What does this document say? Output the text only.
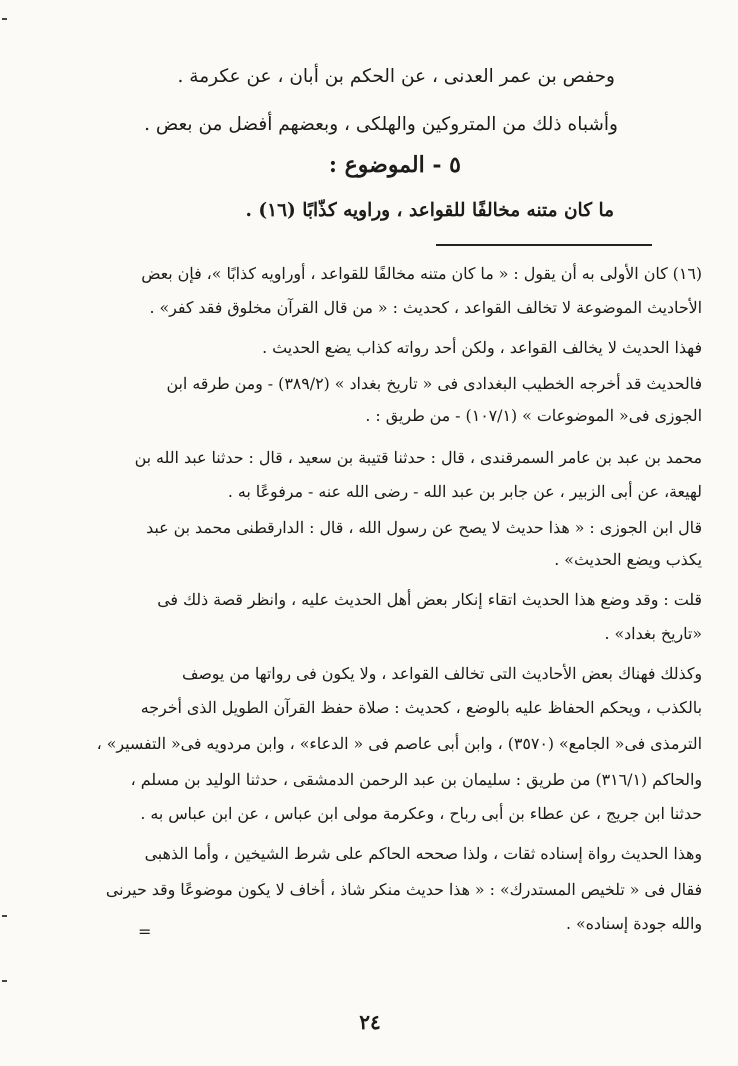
وحفص بن عمر العدنى ، عن الحكم بن أبان ، عن عكرمة .
وأشباه ذلك من المتروكين والهلكى ، وبعضهم أفضل من بعض .
٥ - الموضوع :
ما كان متنه مخالفًا للقواعد ، وراويه كذّابًا (١٦) .
(١٦) كان الأولى به أن يقول : « ما كان متنه مخالفًا للقواعد ، أوراويه كذابًا »، فإن بعض
الأحاديث الموضوعة لا تخالف القواعد ، كحديث : « من قال القرآن مخلوق فقد كفر» .
فهذا الحديث لا يخالف القواعد ، ولكن أحد رواته كذاب يضع الحديث .
فالحديث قد أخرجه الخطيب البغدادى فى « تاريخ بغداد » (٣٨٩/٢) - ومن طرقه ابن
الجوزى فى« الموضوعات » (١٠٧/١) - من طريق : .
محمد بن عبد بن عامر السمرقندى ، قال : حدثنا قتيبة بن سعيد ، قال : حدثنا عبد الله بن
لهيعة، عن أبى الزبير ، عن جابر بن عبد الله - رضى الله عنه - مرفوعًا به .
قال ابن الجوزى : « هذا حديث لا يصح عن رسول الله ، قال : الدارقطنى محمد بن عبد
يكذب ويضع الحديث» .
قلت : وقد وضع هذا الحديث اتقاء إنكار بعض أهل الحديث عليه ، وانظر قصة ذلك فى
«تاريخ بغداد» .
وكذلك فهناك بعض الأحاديث التى تخالف القواعد ، ولا يكون فى رواتها من يوصف
بالكذب ، ويحكم الحفاظ عليه بالوضع ، كحديث : صلاة حفظ القرآن الطويل الذى أخرجه
الترمذى فى« الجامع» (٣٥٧٠) ، وابن أبى عاصم فى « الدعاء» ، وابن مردويه فى« التفسير» ،
والحاكم (٣١٦/١) من طريق : سليمان بن عبد الرحمن الدمشقى ، حدثنا الوليد بن مسلم ،
حدثنا ابن جريج ، عن عطاء بن أبى رباح ، وعكرمة مولى ابن عباس ، عن ابن عباس به .
وهذا الحديث رواة إسناده ثقات ، ولذا صححه الحاكم على شرط الشيخين ، وأما الذهبى
فقال فى « تلخيص المستدرك» : « هذا حديث منكر شاذ ، أخاف لا يكون موضوعًا وقد حيرنى
والله جودة إسناده» .
=
٢٤
